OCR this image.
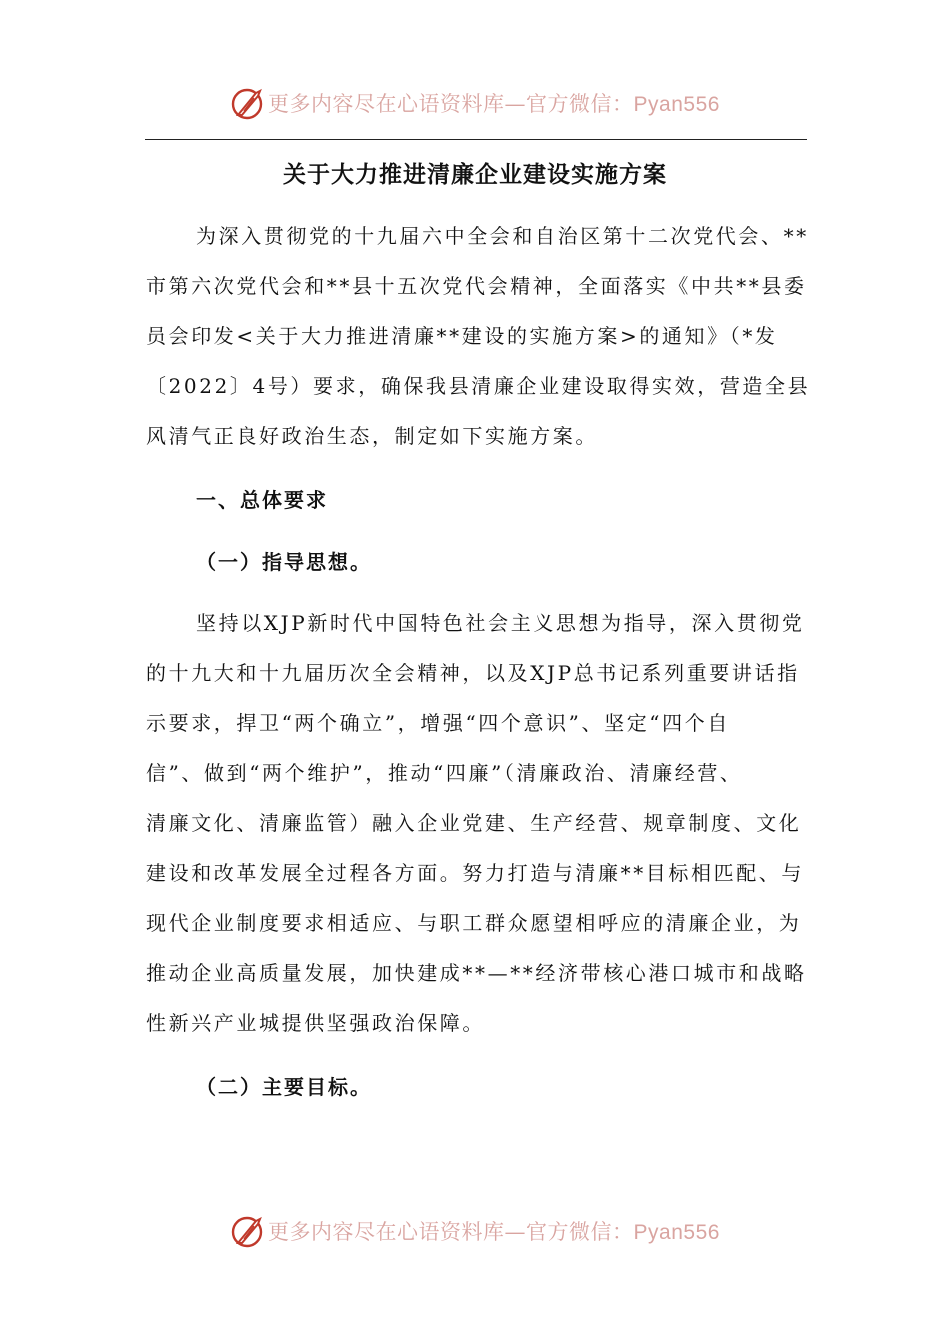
更多内容尽在心语资料库—官方微信：Pyan556
关于大力推进清廉企业建设实施方案
为深入贯彻党的十九届六中全会和自治区第十二次党代会、**
市第六次党代会和**县十五次党代会精神，全面落实《中共**县委
员会印发<关于大力推进清廉**建设的实施方案>的通知》（*发
〔2022〕4号）要求，确保我县清廉企业建设取得实效，营造全县
风清气正良好政治生态，制定如下实施方案。
一、总体要求
（一）指导思想。
坚持以XJP新时代中国特色社会主义思想为指导，深入贯彻党
的十九大和十九届历次全会精神，以及XJP总书记系列重要讲话指
示要求，捍卫“两个确立”，增强“四个意识”、坚定“四个自
信”、做到“两个维护”，推动“四廉”（清廉政治、清廉经营、
清廉文化、清廉监管）融入企业党建、生产经营、规章制度、文化
建设和改革发展全过程各方面。努力打造与清廉**目标相匹配、与
现代企业制度要求相适应、与职工群众愿望相呼应的清廉企业，为
推动企业高质量发展，加快建成**—**经济带核心港口城市和战略
性新兴产业城提供坚强政治保障。
（二）主要目标。
更多内容尽在心语资料库—官方微信：Pyan556
